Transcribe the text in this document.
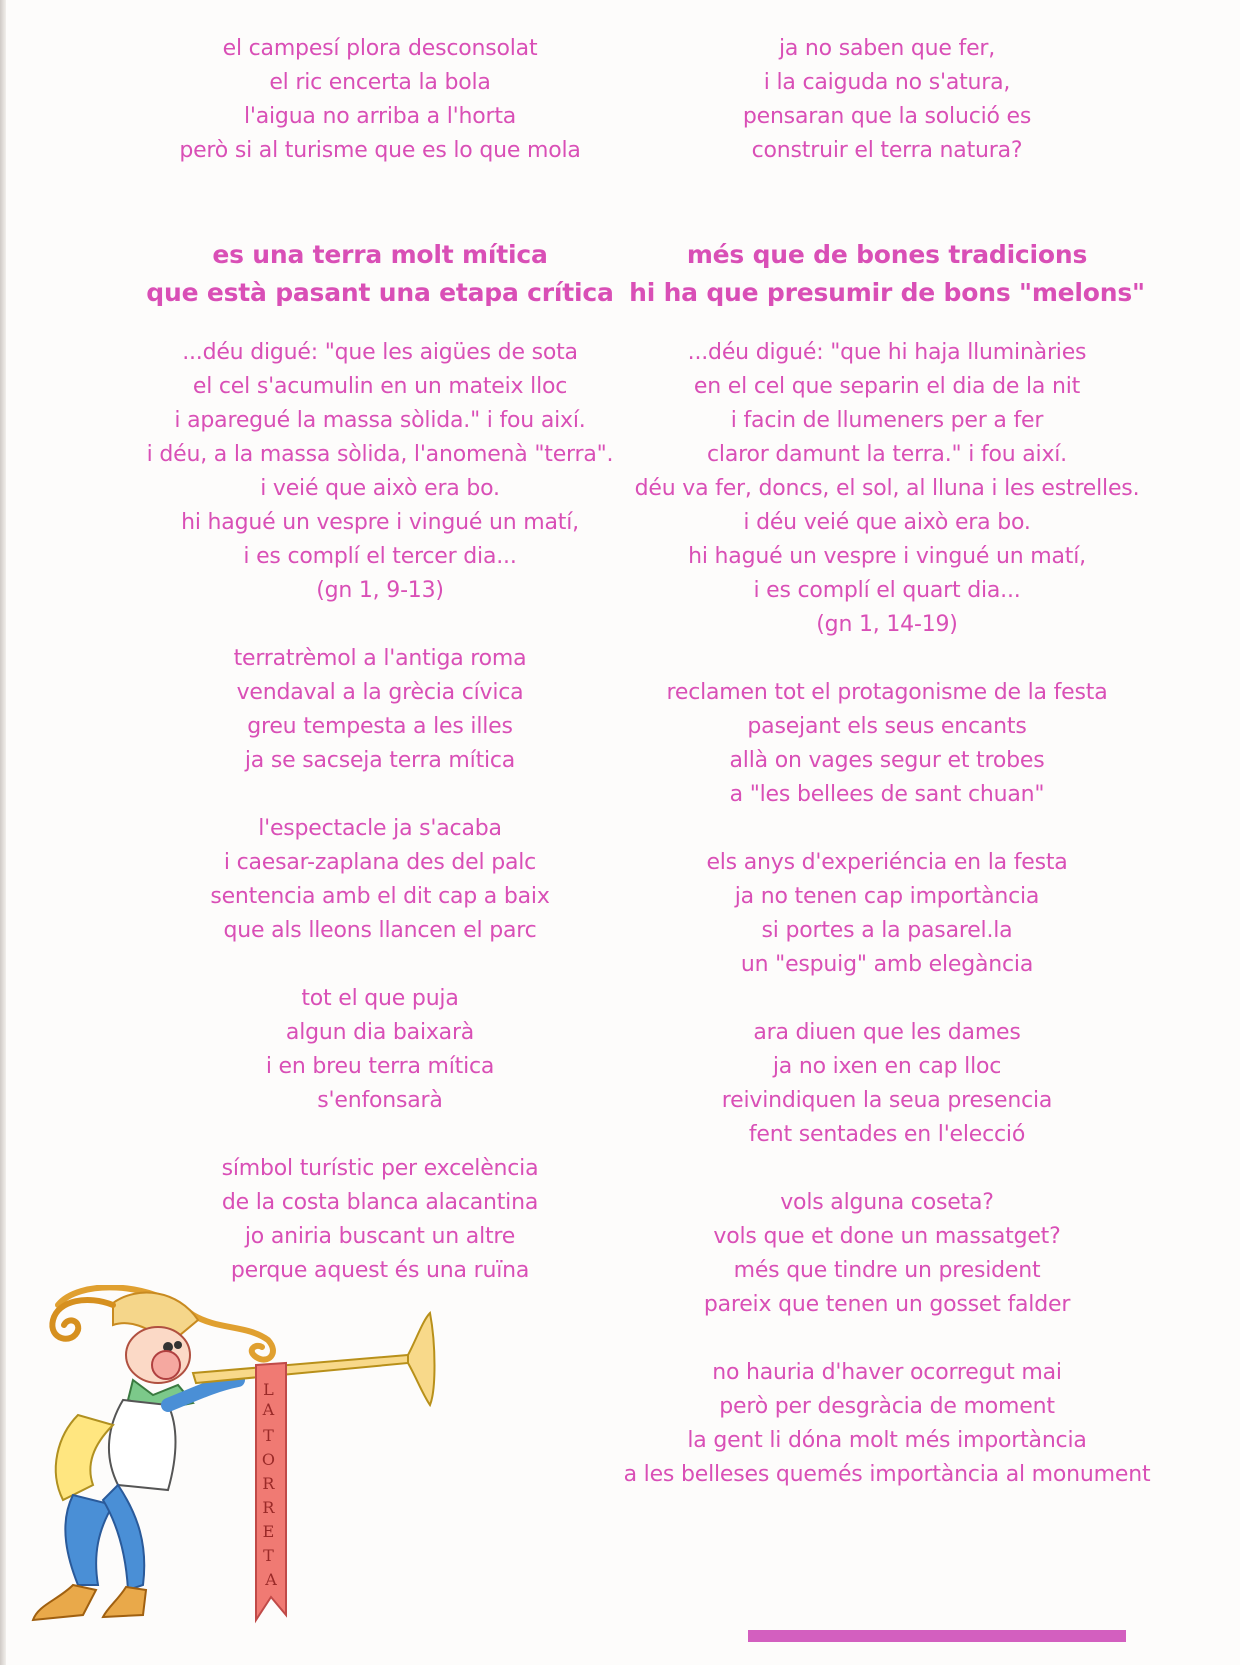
el campesí plora desconsolat
el ric encerta la bola
l'aigua no arriba a l'horta
però si al turisme que es lo que mola
es una terra molt mítica
que està pasant una etapa crítica
...déu digué: "que les aigües de sota
el cel s'acumulin en un mateix lloc
i aparegué la massa sòlida." i fou així.
i déu, a la massa sòlida, l'anomenà "terra".
i veié que això era bo.
hi hagué un vespre i vingué un matí,
i es complí el tercer dia...
(gn 1, 9-13)
terratrèmol a l'antiga roma
vendaval a la grècia cívica
greu tempesta a les illes
ja se sacseja terra mítica
l'espectacle ja s'acaba
i caesar-zaplana des del palc
sentencia amb el dit cap a baix
que als lleons llancen el parc
tot el que puja
algun dia baixarà
i en breu terra mítica
s'enfonsarà
símbol turístic per excelència
de la costa blanca alacantina
jo aniria buscant un altre
perque aquest és una ruïna
ja no saben que fer,
i la caiguda no s'atura,
pensaran que la solució es
construir el terra natura?
més que de bones tradicions
hi ha que presumir de bons "melons"
...déu digué: "que hi haja lluminàries
en el cel que separin el dia de la nit
i facin de llumeners per a fer
claror damunt la terra." i fou així.
déu va fer, doncs, el sol, al lluna i les estrelles.
i déu veié que això era bo.
hi hagué un vespre i vingué un matí,
i es complí el quart dia...
(gn 1, 14-19)
reclamen tot el protagonisme de la festa
pasejant els seus encants
allà on vages segur et trobes
a "les bellees de sant chuan"
els anys d'experiéncia en la festa
ja no tenen cap importància
si portes a la pasarel.la
un "espuig" amb elegància
ara diuen que les dames
ja no ixen en cap lloc
reivindiquen la seua presencia
fent sentades en l'elecció
vols alguna coseta?
vols que et done un massatget?
més que tindre un president
pareix que tenen un gosset falder
no hauria d'haver ocorregut mai
però per desgràcia de moment
la gent li dóna molt més importància
a les belleses quemés importància al monument
L A T O R R E T A
